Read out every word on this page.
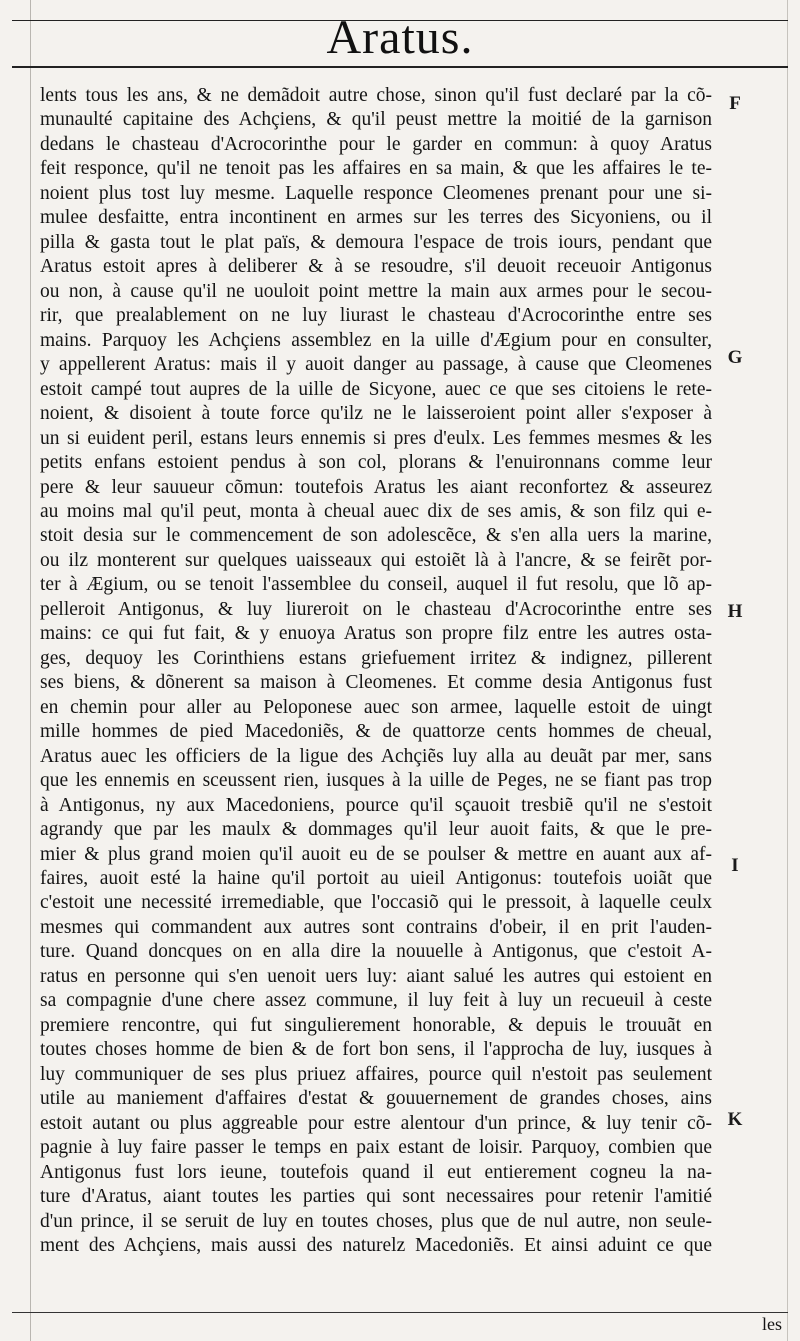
Aratus.
lents tous les ans, & ne demãdoit autre chose, sinon qu'il fust declaré par la cõ-
munaulté capitaine des Achçiens, & qu'il peust mettre la moitié de la garnison
dedans le chasteau d'Acrocorinthe pour le garder en commun: à quoy Aratus
feit responce, qu'il ne tenoit pas les affaires en sa main, & que les affaires le te-
noient plus tost luy mesme. Laquelle responce Cleomenes prenant pour une si-
mulee desfaitte, entra incontinent en armes sur les terres des Sicyoniens, ou il
pilla & gasta tout le plat païs, & demoura l'espace de trois iours, pendant que
Aratus estoit apres à deliberer & à se resoudre, s'il deuoit receuoir Antigonus
ou non, à cause qu'il ne uouloit point mettre la main aux armes pour le secou-
rir, que prealablement on ne luy liurast le chasteau d'Acrocorinthe entre ses
mains. Parquoy les Achçiens assemblez en la uille d'Ægium pour en consulter,
y appellerent Aratus: mais il y auoit danger au passage, à cause que Cleomenes
estoit campé tout aupres de la uille de Sicyone, auec ce que ses citoiens le rete-
noient, & disoient à toute force qu'ilz ne le laisseroient point aller s'exposer à
un si euident peril, estans leurs ennemis si pres d'eulx. Les femmes mesmes & les
petits enfans estoient pendus à son col, plorans & l'enuironnans comme leur
pere & leur sauueur cõmun: toutefois Aratus les aiant reconfortez & asseurez
au moins mal qu'il peut, monta à cheual auec dix de ses amis, & son filz qui e-
stoit desia sur le commencement de son adolescẽce, & s'en alla uers la marine,
ou ilz monterent sur quelques uaisseaux qui estoiẽt là à l'ancre, & se feirẽt por-
ter à Ægium, ou se tenoit l'assemblee du conseil, auquel il fut resolu, que lõ ap-
pelleroit Antigonus, & luy liureroit on le chasteau d'Acrocorinthe entre ses
mains: ce qui fut fait, & y enuoya Aratus son propre filz entre les autres osta-
ges, dequoy les Corinthiens estans griefuement irritez & indignez, pillerent
ses biens, & dõnerent sa maison à Cleomenes. Et comme desia Antigonus fust
en chemin pour aller au Peloponese auec son armee, laquelle estoit de uingt
mille hommes de pied Macedoniẽs, & de quattorze cents hommes de cheual,
Aratus auec les officiers de la ligue des Achçiẽs luy alla au deuãt par mer, sans
que les ennemis en sceussent rien, iusques à la uille de Peges, ne se fiant pas trop
à Antigonus, ny aux Macedoniens, pource qu'il sçauoit tresbiẽ qu'il ne s'estoit
agrandy que par les maulx & dommages qu'il leur auoit faits, & que le pre-
mier & plus grand moien qu'il auoit eu de se poulser & mettre en auant aux af-
faires, auoit esté la haine qu'il portoit au uieil Antigonus: toutefois uoiãt que
c'estoit une necessité irremediable, que l'occasiõ qui le pressoit, à laquelle ceulx
mesmes qui commandent aux autres sont contrains d'obeir, il en prit l'auden-
ture. Quand doncques on en alla dire la nouuelle à Antigonus, que c'estoit A-
ratus en personne qui s'en uenoit uers luy: aiant salué les autres qui estoient en
sa compagnie d'une chere assez commune, il luy feit à luy un recueuil à ceste
premiere rencontre, qui fut singulierement honorable, & depuis le trouuãt en
toutes choses homme de bien & de fort bon sens, il l'approcha de luy, iusques à
luy communiquer de ses plus priuez affaires, pource quil n'estoit pas seulement
utile au maniement d'affaires d'estat & gouuernement de grandes choses, ains
estoit autant ou plus aggreable pour estre alentour d'un prince, & luy tenir cõ-
pagnie à luy faire passer le temps en paix estant de loisir. Parquoy, combien que
Antigonus fust lors ieune, toutefois quand il eut entierement cogneu la na-
ture d'Aratus, aiant toutes les parties qui sont necessaires pour retenir l'amitié
d'un prince, il se seruit de luy en toutes choses, plus que de nul autre, non seule-
ment des Achçiens, mais aussi des naturelz Macedoniẽs. Et ainsi aduint ce que
F
G
H
I
K
les
